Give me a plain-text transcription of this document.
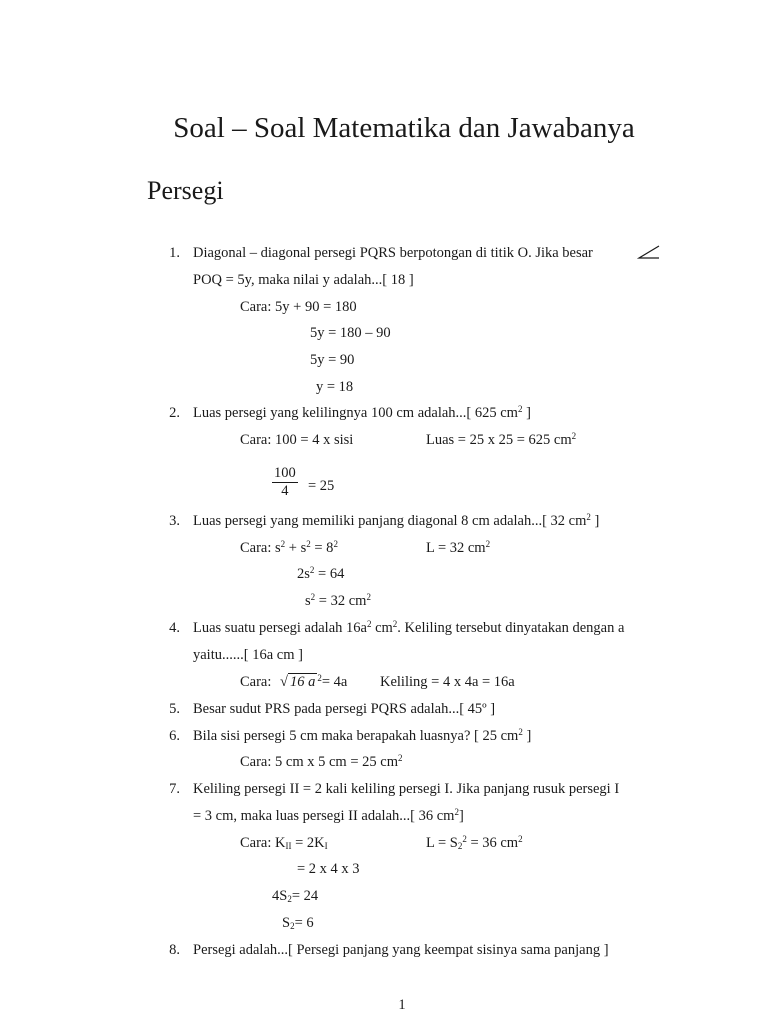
Soal – Soal Matematika dan Jawabanya
Persegi
1. Diagonal – diagonal persegi PQRS berpotongan di titik O. Jika besar
POQ = 5y, maka nilai y adalah...[ 18 ]
Cara: 5y + 90 = 180
5y = 180 – 90
5y = 90
y = 18
2. Luas persegi yang kelilingnya 100 cm adalah...[ 625 $cm^2$ ]
Cara: 100 = 4 x sisi	Luas = 25 x 25 = 625 $cm^2$
$\frac{100}{4} = 25$
3. Luas persegi yang memiliki panjang diagonal 8 cm adalah...[ 32 $cm^2$ ]
Cara: $s^2 + s^2 = 8^2$	L = 32 $cm^2$
$2s^2 = 64$
$s^2 = 32$ $cm^2$
4. Luas suatu persegi adalah $16a^2$ $cm^2$. Keliling tersebut dinyatakan dengan a
yaitu......[ 16a cm ]
Cara: √ 16 a $^2$= 4a Keliling = 4 x 4a = 16a
5. Besar sudut PRS pada persegi PQRS adalah...[ 45º ]
6. Bila sisi persegi 5 cm maka berapakah luasnya? [ 25 $cm^2$ ]
Cara: 5 cm x 5 cm = 25 $cm^2$
7. Keliling persegi II = 2 kali keliling persegi I. Jika panjang rusuk persegi I
= 3 cm, maka luas persegi II adalah...[ 36 $cm^2$]
Cara: $K_{II} = 2K_I$	$L = S_2^2 = 36$ $cm^2$
= 2 x 4 x 3
$4S_2= 24$
$S_2= 6$
8. Persegi adalah...[ Persegi panjang yang keempat sisinya sama panjang ]
1
